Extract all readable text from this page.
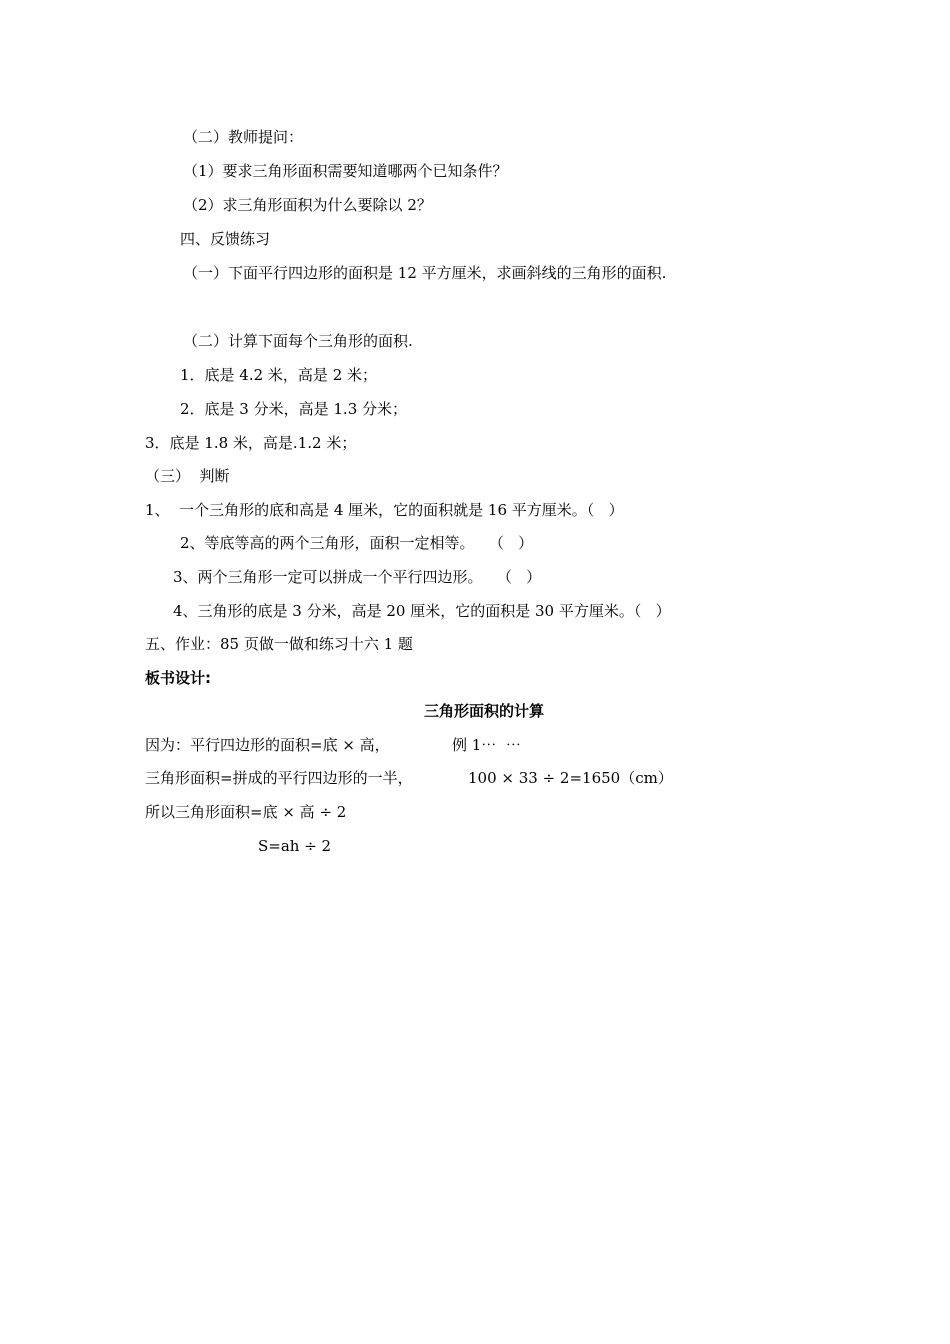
（二）教师提问：
（1）要求三角形面积需要知道哪两个已知条件？
（2）求三角形面积为什么要除以 2？
四、反馈练习
（一）下面平行四边形的面积是 12 平方厘米，求画斜线的三角形的面积.
（二）计算下面每个三角形的面积.
1．底是 4.2 米，高是 2 米；
2．底是 3 分米，高是 1.3 分米；
3．底是 1.8 米，高是.1.2 米；
（三）  判断
1、  一个三角形的底和高是 4 厘米，它的面积就是 16 平方厘米。（   ）
2、等底等高的两个三角形，面积一定相等。   （   ）
3、两个三角形一定可以拼成一个平行四边形。   （   ）
4、三角形的底是 3 分米，高是 20 厘米，它的面积是 30 平方厘米。（   ）
五、作业：85 页做一做和练习十六 1 题
板书设计:
三角形面积的计算
因为：平行四边形的面积=底 × 高，	例 1⋯  ⋯
三角形面积=拼成的平行四边形的一半，	100 × 33 ÷ 2=1650（cm）
所以三角形面积=底 × 高 ÷ 2
S=ah ÷ 2
